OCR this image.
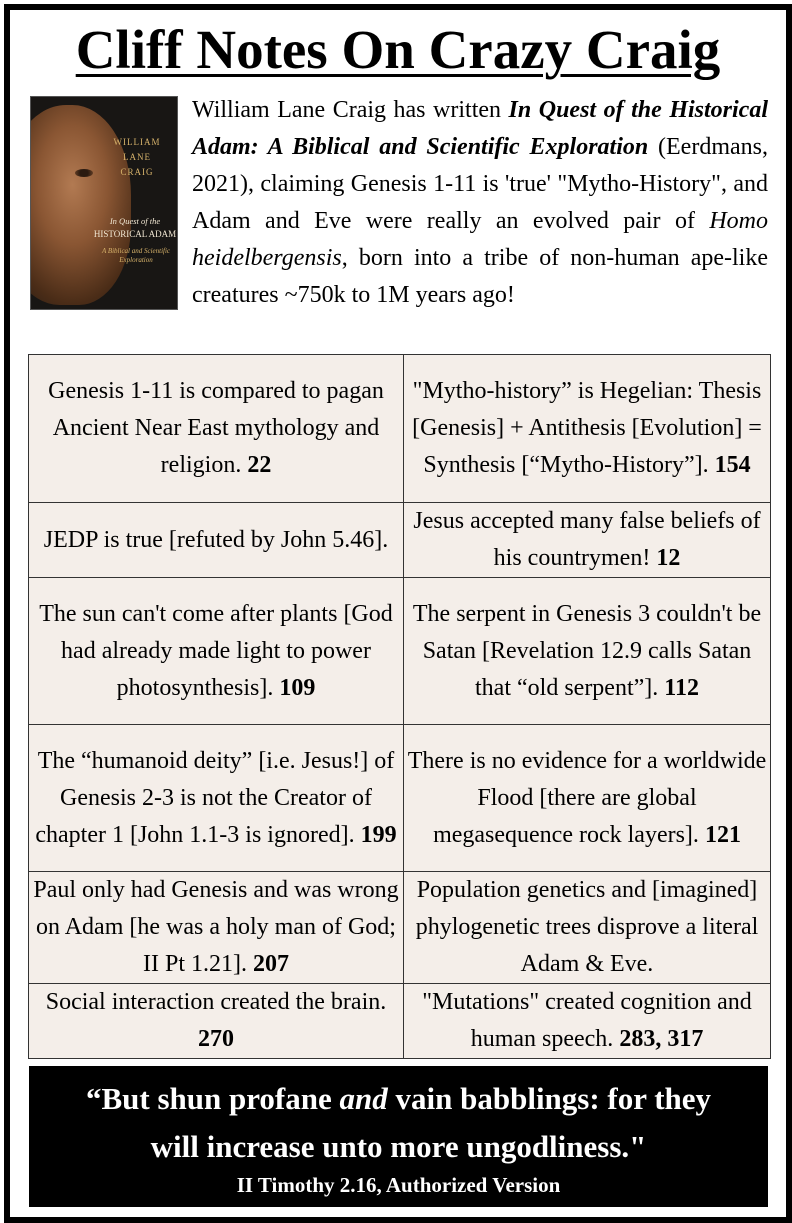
Cliff Notes On Crazy Craig
William Lane Craig has written In Quest of the Historical Adam: A Biblical and Scientific Exploration (Eerdmans, 2021), claiming Genesis 1-11 is 'true' "Mytho-History", and Adam and Eve were really an evolved pair of Homo heidelbergensis, born into a tribe of non-human ape-like creatures ~750k to 1M years ago!
WILLIAM
LANE
CRAIG
In Quest of the
HISTORICAL ADAM
A Biblical and Scientific Exploration
Genesis 1-11 is compared to pagan Ancient Near East mythology and religion. 22	"Mytho-history” is Hegelian: Thesis [Genesis] + Antithesis [Evolution] = Synthesis [“Mytho-History”]. 154
JEDP is true [refuted by John 5.46].	Jesus accepted many false beliefs of his countrymen! 12
The sun can't come after plants [God had already made light to power photosynthesis]. 109	The serpent in Genesis 3 couldn't be Satan [Revelation 12.9 calls Satan that “old serpent”]. 112
The “humanoid deity” [i.e. Jesus!] of Genesis 2-3 is not the Creator of chapter 1 [John 1.1-3 is ignored]. 199	There is no evidence for a worldwide Flood [there are global megasequence rock layers]. 121
Paul only had Genesis and was wrong on Adam [he was a holy man of God; II Pt 1.21]. 207	Population genetics and [imagined] phylogenetic trees disprove a literal Adam & Eve.
Social interaction created the brain. 270	"Mutations" created cognition and human speech. 283, 317
“But shun profane and vain babblings: for they
will increase unto more ungodliness."
II Timothy 2.16, Authorized Version
